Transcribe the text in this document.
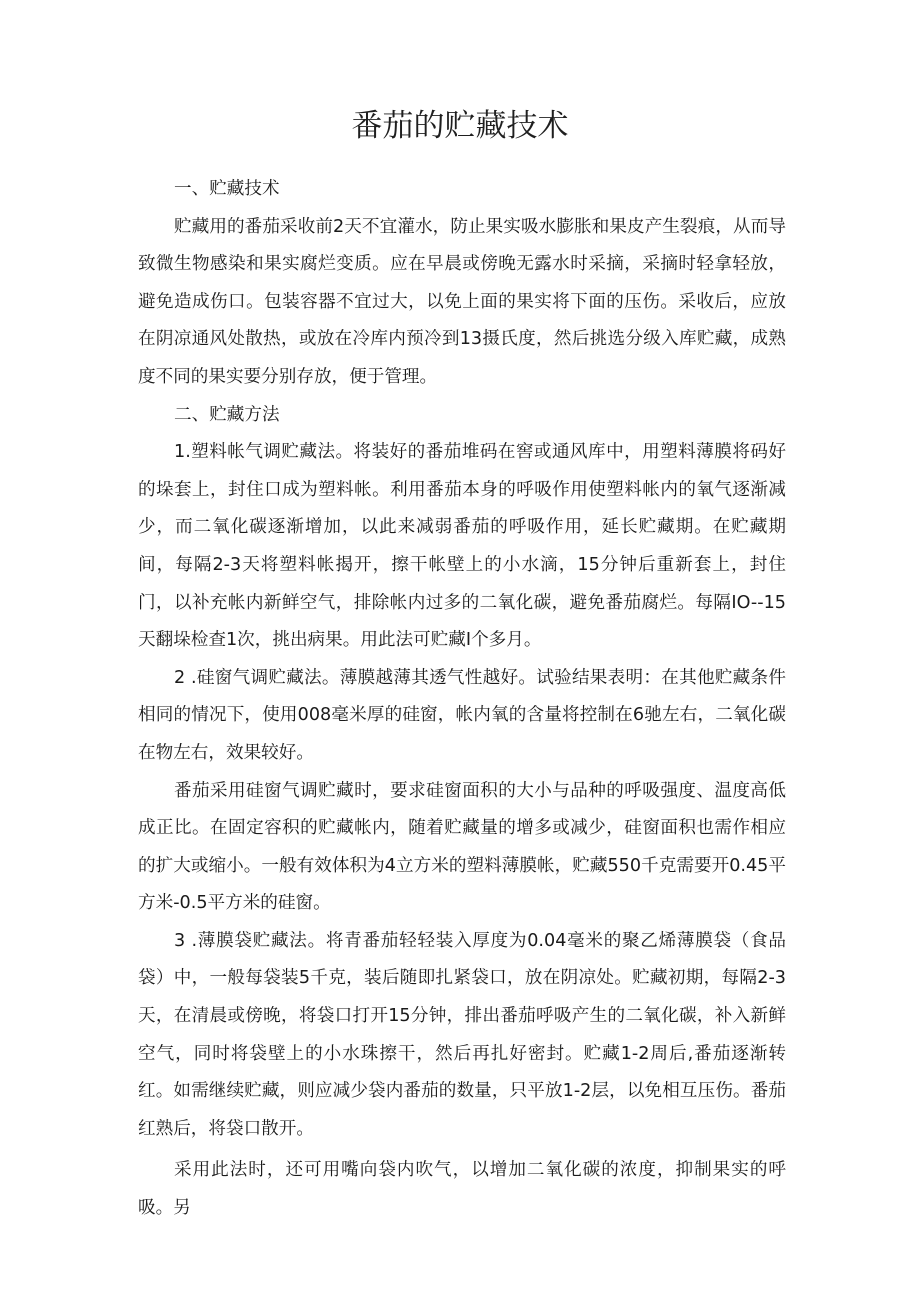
番茄的贮藏技术

一、贮藏技术

贮藏用的番茄采收前2天不宜灌水，防止果实吸水膨胀和果皮产生裂痕，从而导致微生物感染和果实腐烂变质。应在早晨或傍晚无露水时采摘，采摘时轻拿轻放，避免造成伤口。包装容器不宜过大，以免上面的果实将下面的压伤。采收后，应放在阴凉通风处散热，或放在冷库内预冷到13摄氏度，然后挑选分级入库贮藏，成熟度不同的果实要分别存放，便于管理。

二、贮藏方法

1.塑料帐气调贮藏法。将装好的番茄堆码在窖或通风库中，用塑料薄膜将码好的垛套上，封住口成为塑料帐。利用番茄本身的呼吸作用使塑料帐内的氧气逐渐减少，而二氧化碳逐渐增加，以此来减弱番茄的呼吸作用，延长贮藏期。在贮藏期间，每隔2-3天将塑料帐揭开，擦干帐壁上的小水滴，15分钟后重新套上，封住门，以补充帐内新鲜空气，排除帐内过多的二氧化碳，避免番茄腐烂。每隔IO--15天翻垛检查1次，挑出病果。用此法可贮藏I个多月。

2 .硅窗气调贮藏法。薄膜越薄其透气性越好。试验结果表明：在其他贮藏条件相同的情况下，使用008毫米厚的硅窗，帐内氧的含量将控制在6驰左右，二氧化碳在物左右，效果较好。

番茄采用硅窗气调贮藏时，要求硅窗面积的大小与品种的呼吸强度、温度高低成正比。在固定容积的贮藏帐内，随着贮藏量的增多或减少，硅窗面积也需作相应的扩大或缩小。一般有效体积为4立方米的塑料薄膜帐，贮藏550千克需要开0.45平方米-0.5平方米的硅窗。

3 .薄膜袋贮藏法。将青番茄轻轻装入厚度为0.04毫米的聚乙烯薄膜袋（食品袋）中，一般每袋装5千克，装后随即扎紧袋口，放在阴凉处。贮藏初期，每隔2-3天，在清晨或傍晚，将袋口打开15分钟，排出番茄呼吸产生的二氧化碳，补入新鲜空气，同时将袋壁上的小水珠擦干，然后再扎好密封。贮藏1-2周后,番茄逐渐转红。如需继续贮藏，则应减少袋内番茄的数量，只平放1-2层，以免相互压伤。番茄红熟后，将袋口散开。

采用此法时，还可用嘴向袋内吹气，以增加二氧化碳的浓度，抑制果实的呼吸。另
